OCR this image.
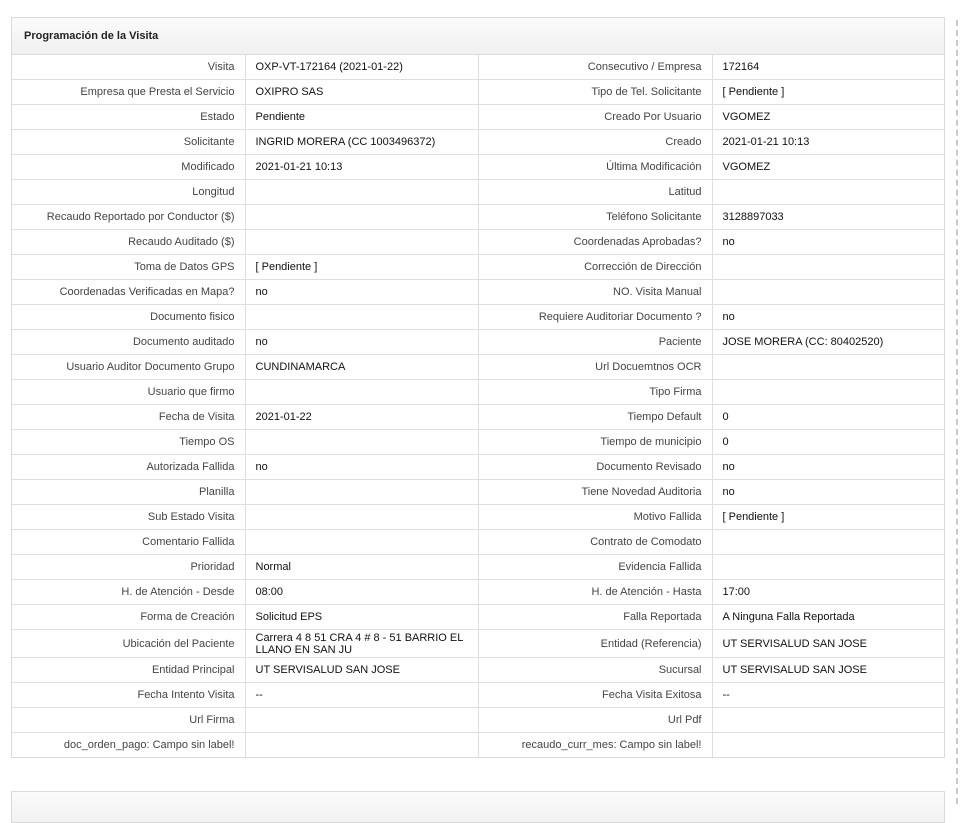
Programación de la Visita
Visita	OXP-VT-172164 (2021-01-22)	Consecutivo / Empresa	172164
Empresa que Presta el Servicio	OXIPRO SAS	Tipo de Tel. Solicitante	[ Pendiente ]
Estado	Pendiente	Creado Por Usuario	VGOMEZ
Solicitante	INGRID MORERA (CC 1003496372)	Creado	2021-01-21 10:13
Modificado	2021-01-21 10:13	Última Modificación	VGOMEZ
Longitud		Latitud	
Recaudo Reportado por Conductor ($)		Teléfono Solicitante	3128897033
Recaudo Auditado ($)		Coordenadas Aprobadas?	no
Toma de Datos GPS	[ Pendiente ]	Corrección de Dirección	
Coordenadas Verificadas en Mapa?	no	NO. Visita Manual	
Documento fisico		Requiere Auditoriar Documento ?	no
Documento auditado	no	Paciente	JOSE MORERA (CC: 80402520)
Usuario Auditor Documento Grupo	CUNDINAMARCA	Url Docuemtnos OCR	
Usuario que firmo		Tipo Firma	
Fecha de Visita	2021-01-22	Tiempo Default	0
Tiempo OS		Tiempo de municipio	0
Autorizada Fallida	no	Documento Revisado	no
Planilla		Tiene Novedad Auditoria	no
Sub Estado Visita		Motivo Fallida	[ Pendiente ]
Comentario Fallida		Contrato de Comodato	
Prioridad	Normal	Evidencia Fallida	
H. de Atención - Desde	08:00	H. de Atención - Hasta	17:00
Forma de Creación	Solicitud EPS	Falla Reportada	A Ninguna Falla Reportada
Ubicación del Paciente	Carrera 4 8 51 CRA 4 # 8 - 51 BARRIO EL LLANO EN SAN JU	Entidad (Referencia)	UT SERVISALUD SAN JOSE
Entidad Principal	UT SERVISALUD SAN JOSE	Sucursal	UT SERVISALUD SAN JOSE
Fecha Intento Visita	--	Fecha Visita Exitosa	--
Url Firma		Url Pdf	
doc_orden_pago: Campo sin label!		recaudo_curr_mes: Campo sin label!	
